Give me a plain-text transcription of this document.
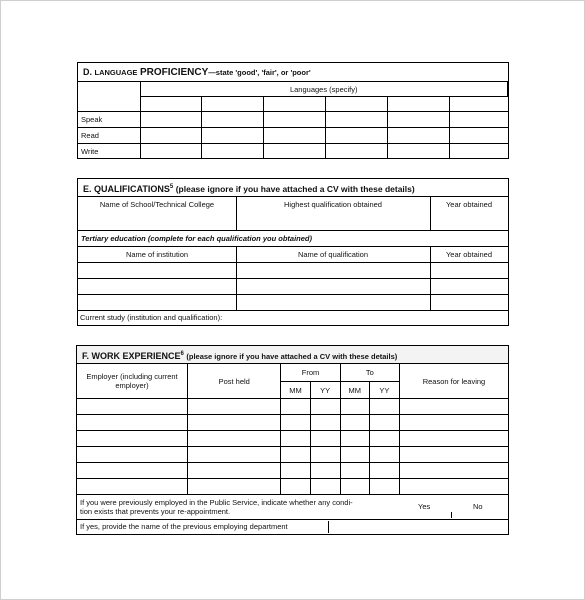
D. LANGUAGE PROFICIENCY—state 'good', 'fair', or 'poor'
	Languages (specify)					

Speak						
Read						
Write						
E. QUALIFICATIONS$^5$ (please ignore if you have attached a CV with these details)
Name of School/Technical College	Highest qualification obtained	Year obtained
Tertiary education (complete for each qualification you obtained)
Name of institution	Name of qualification	Year obtained
Current study (institution and qualification):
F. WORK EXPERIENCE$^6$ (please ignore if you have attached a CV with these details)
Employer (including current employer)	Post held	From		To		Reason for leaving
		MM	YY	MM	YY	

If you were previously employed in the Public Service, indicate whether any condi-
tion exists that prevents your re-appointment.
Yes	No
If yes, provide the name of the previous employing department
